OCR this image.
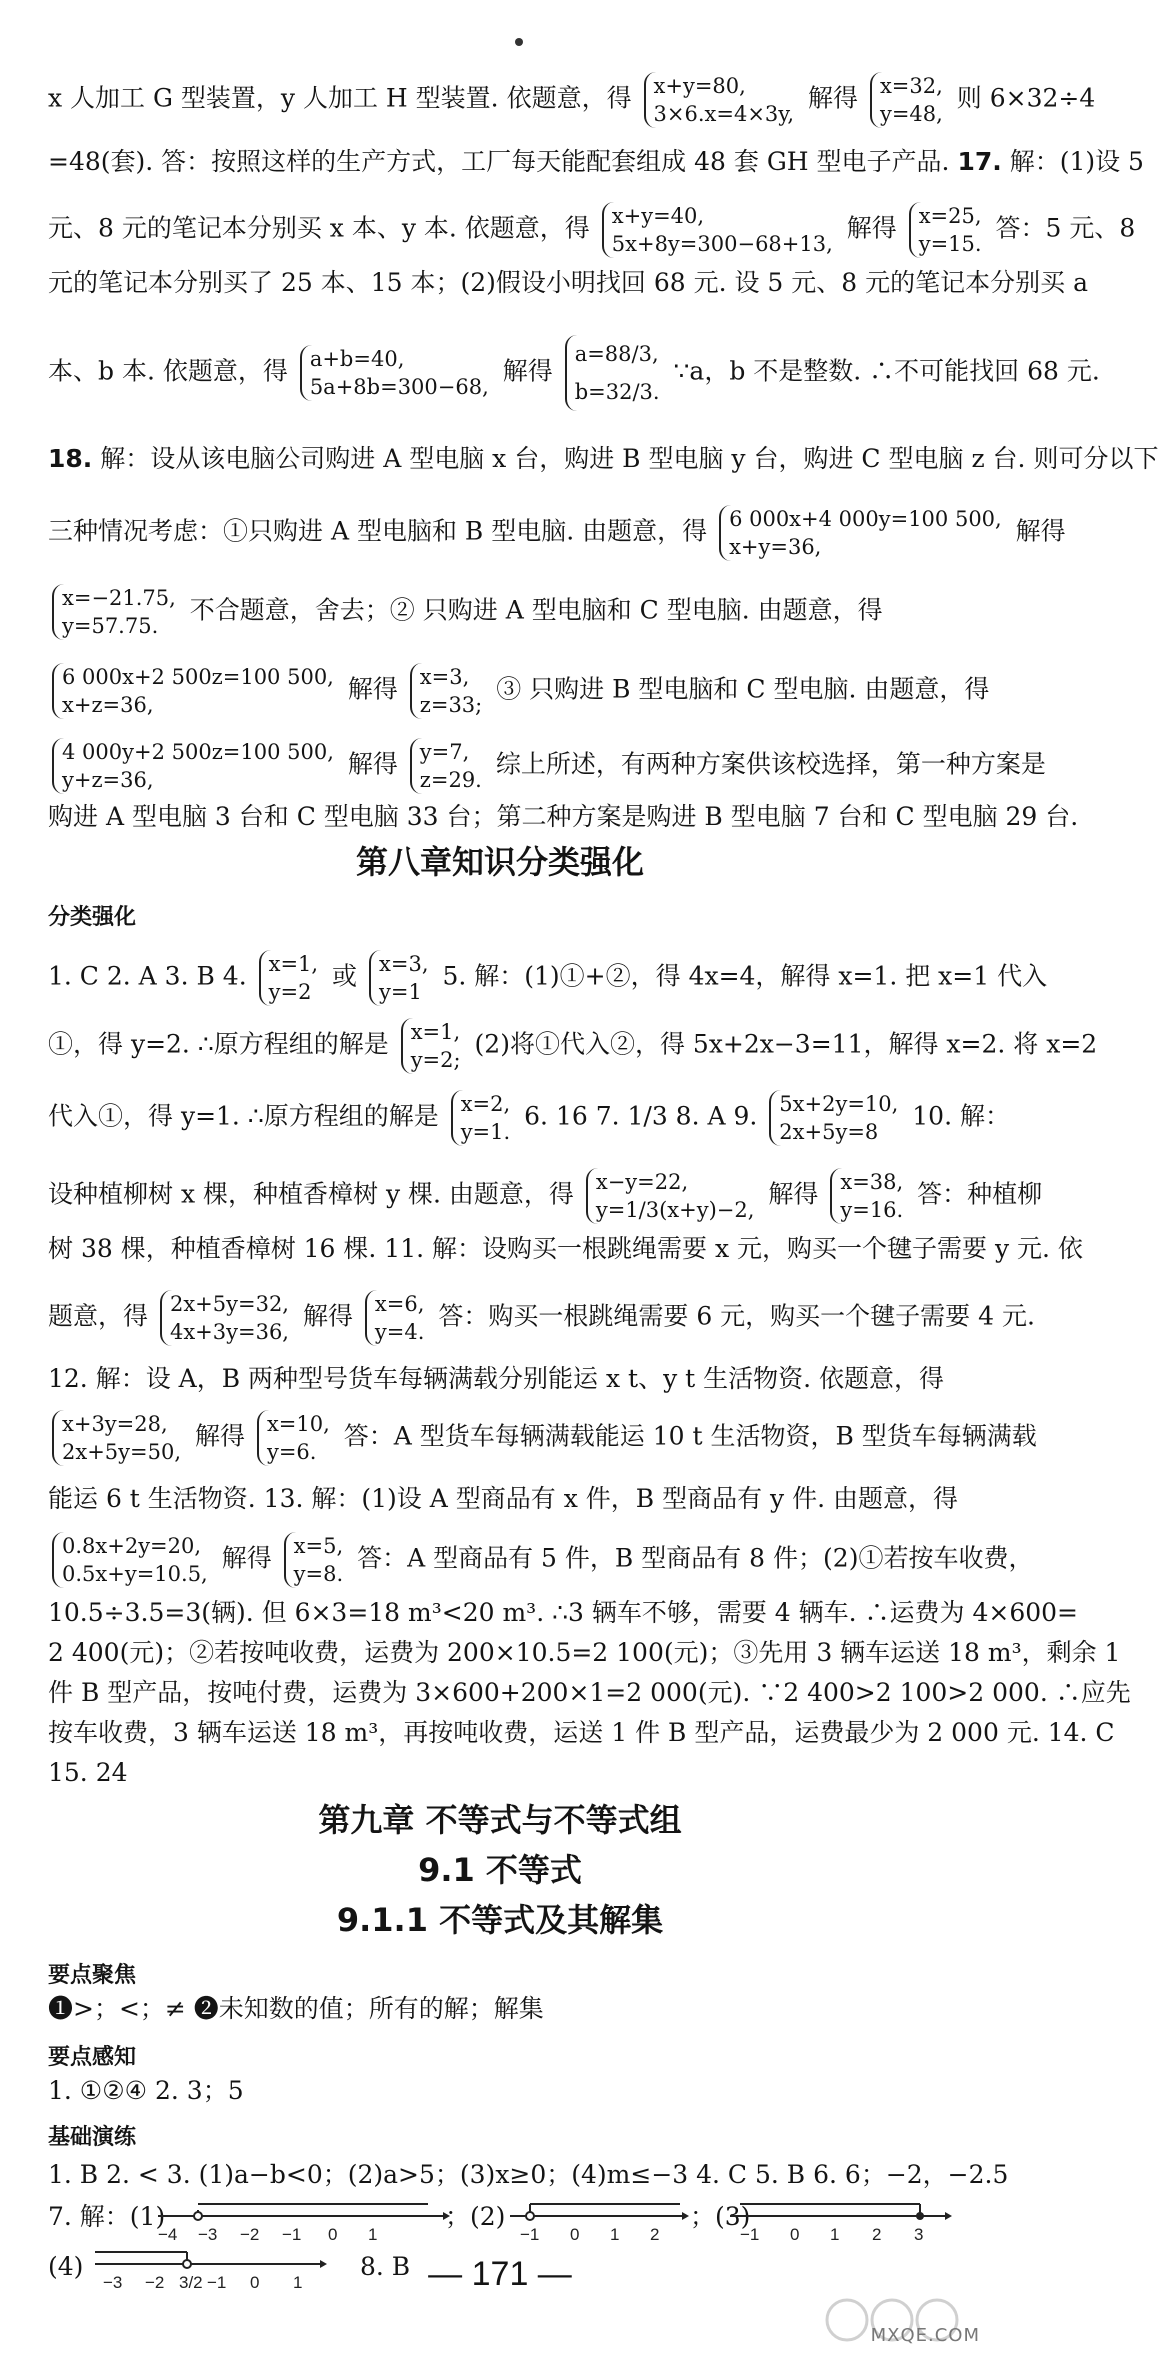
x 人加工 G 型装置，y 人加工 H 型装置. 依题意，得 x+y=80,
3×6.x=4×3y,
解得 x=32,
y=48,
则 6×32÷4
=48(套). 答：按照这样的生产方式，工厂每天能配套组成 48 套 GH 型电子产品. 17. 解：(1)设 5
元、8 元的笔记本分别买 x 本、y 本. 依题意，得 x+y=40,
5x+8y=300−68+13,
解得 x=25,
y=15.
答：5 元、8
元的笔记本分别买了 25 本、15 本；(2)假设小明找回 68 元. 设 5 元、8 元的笔记本分别买 a
本、b 本. 依题意，得 a+b=40,
5a+8b=300−68,
解得
a=88/3,
b=32/3.
∵a，b 不是整数. ∴不可能找回 68 元.
18. 解：设从该电脑公司购进 A 型电脑 x 台，购进 B 型电脑 y 台，购进 C 型电脑 z 台. 则可分以下
三种情况考虑：①只购进 A 型电脑和 B 型电脑. 由题意，得 6 000x+4 000y=100 500,
x+y=36,
解得
x=−21.75,
y=57.75.
不合题意，舍去；② 只购进 A 型电脑和 C 型电脑. 由题意，得
6 000x+2 500z=100 500,
x+z=36,
解得 x=3,
z=33;
③ 只购进 B 型电脑和 C 型电脑. 由题意，得
4 000y+2 500z=100 500,
y+z=36,
解得 y=7,
z=29.
综上所述，有两种方案供该校选择，第一种方案是
购进 A 型电脑 3 台和 C 型电脑 33 台；第二种方案是购进 B 型电脑 7 台和 C 型电脑 29 台.
第八章知识分类强化
分类强化
1. C 2. A 3. B 4. x=1,
y=2
或 x=3,
y=1
5. 解：(1)①+②，得 4x=4，解得 x=1. 把 x=1 代入
①，得 y=2. ∴原方程组的解是 x=1,
y=2;
(2)将①代入②，得 5x+2x−3=11，解得 x=2. 将 x=2
代入①，得 y=1. ∴原方程组的解是 x=2,
y=1.
6. 16 7. 1/3 8. A 9. 5x+2y=10,
2x+5y=8
10. 解：
设种植柳树 x 棵，种植香樟树 y 棵. 由题意，得 x−y=22,
y=1/3(x+y)−2,
解得 x=38,
y=16.
答：种植柳
树 38 棵，种植香樟树 16 棵. 11. 解：设购买一根跳绳需要 x 元，购买一个毽子需要 y 元. 依
题意，得 2x+5y=32,
4x+3y=36,
解得 x=6,
y=4.
答：购买一根跳绳需要 6 元，购买一个毽子需要 4 元.
12. 解：设 A，B 两种型号货车每辆满载分别能运 x t、y t 生活物资. 依题意，得
x+3y=28,
2x+5y=50,
解得 x=10,
y=6.
答：A 型货车每辆满载能运 10 t 生活物资，B 型货车每辆满载
能运 6 t 生活物资. 13. 解：(1)设 A 型商品有 x 件，B 型商品有 y 件. 由题意，得
0.8x+2y=20,
0.5x+y=10.5,
解得 x=5,
y=8.
答：A 型商品有 5 件，B 型商品有 8 件；(2)①若按车收费，
10.5÷3.5=3(辆). 但 6×3=18 m³<20 m³. ∴3 辆车不够，需要 4 辆车. ∴运费为 4×600=
2 400(元)；②若按吨收费，运费为 200×10.5=2 100(元)；③先用 3 辆车运送 18 m³，剩余 1
件 B 型产品，按吨付费，运费为 3×600+200×1=2 000(元). ∵2 400>2 100>2 000. ∴应先
按车收费，3 辆车运送 18 m³，再按吨收费，运送 1 件 B 型产品，运费最少为 2 000 元. 14. C
15. 24
第九章 不等式与不等式组
9.1 不等式
9.1.1 不等式及其解集
要点聚焦
❶>；<；≠ ❷未知数的值；所有的解；解集
要点感知
1. ①②④ 2. 3；5
基础演练
1. B 2. < 3. (1)a−b<0；(2)a>5；(3)x≥0；(4)m≤−3 4. C 5. B 6. 6；−2，−2.5
7. 解：(1)
−4 −3 −2 −1 0 1
；(2)
−1 0 1 2
；(3)
−1 0 1 2 3
(4)
−3 −2 3/2 −1 0 1
8. B — 171 —
MXQE.COM
